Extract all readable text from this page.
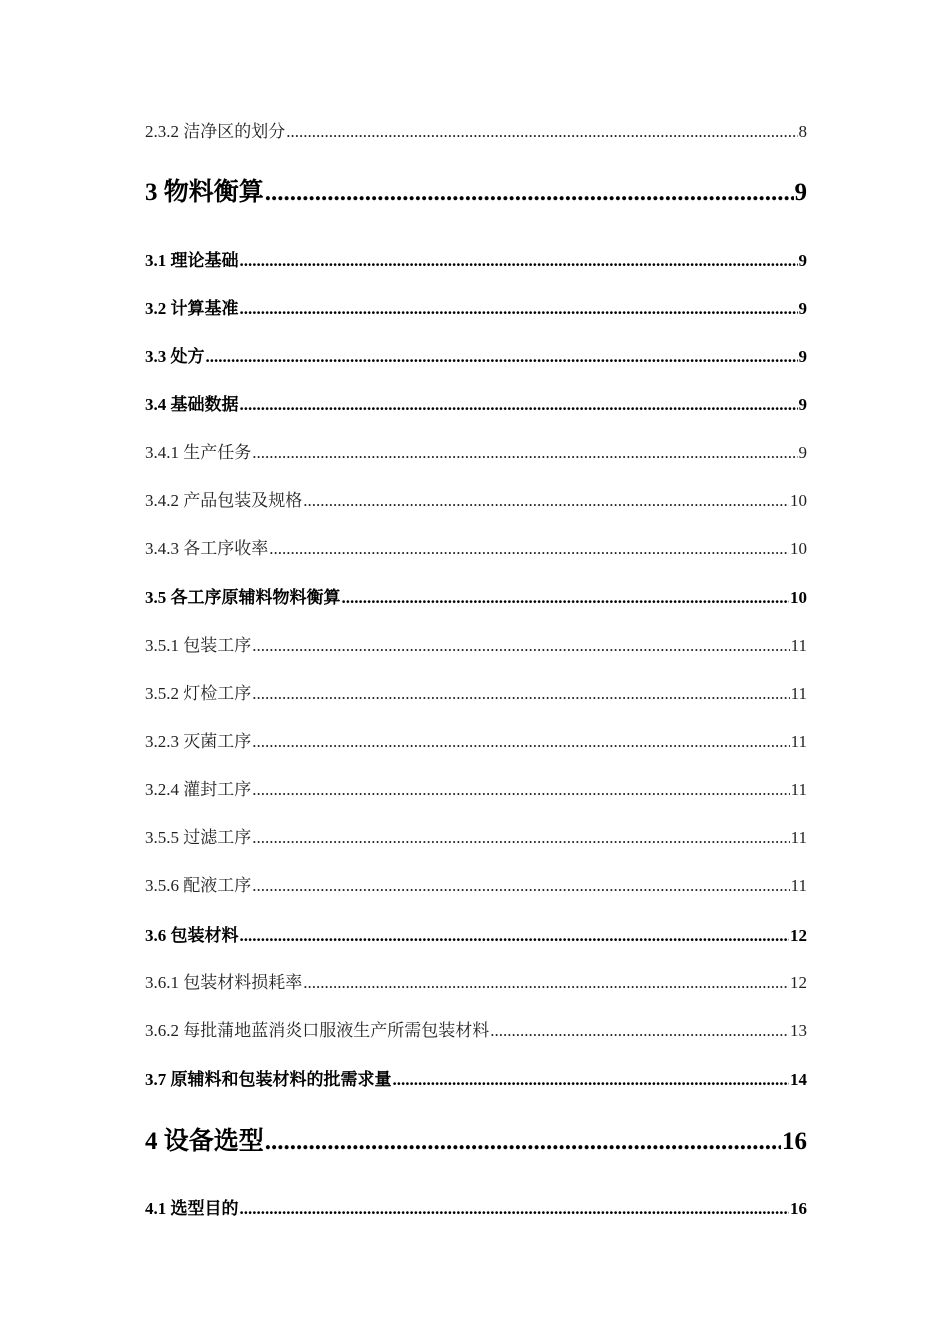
2.3.2 洁净区的划分 .....	8
3 物料衡算 .....	9
3.1 理论基础 .....	9
3.2 计算基准 .....	9
3.3 处方 .....	9
3.4 基础数据 .....	9
3.4.1 生产任务 .....	9
3.4.2 产品包装及规格 .....	10
3.4.3 各工序收率 .....	10
3.5 各工序原辅料物料衡算 .....	10
3.5.1 包装工序 .....	11
3.5.2 灯检工序 .....	11
3.2.3 灭菌工序 .....	11
3.2.4 灌封工序 .....	11
3.5.5 过滤工序 .....	11
3.5.6 配液工序 .....	11
3.6 包装材料 .....	12
3.6.1 包装材料损耗率 .....	12
3.6.2 每批蒲地蓝消炎口服液生产所需包装材料 .....	13
3.7 原辅料和包装材料的批需求量 .....	14
4 设备选型 .....	16
4.1 选型目的 .....	16
